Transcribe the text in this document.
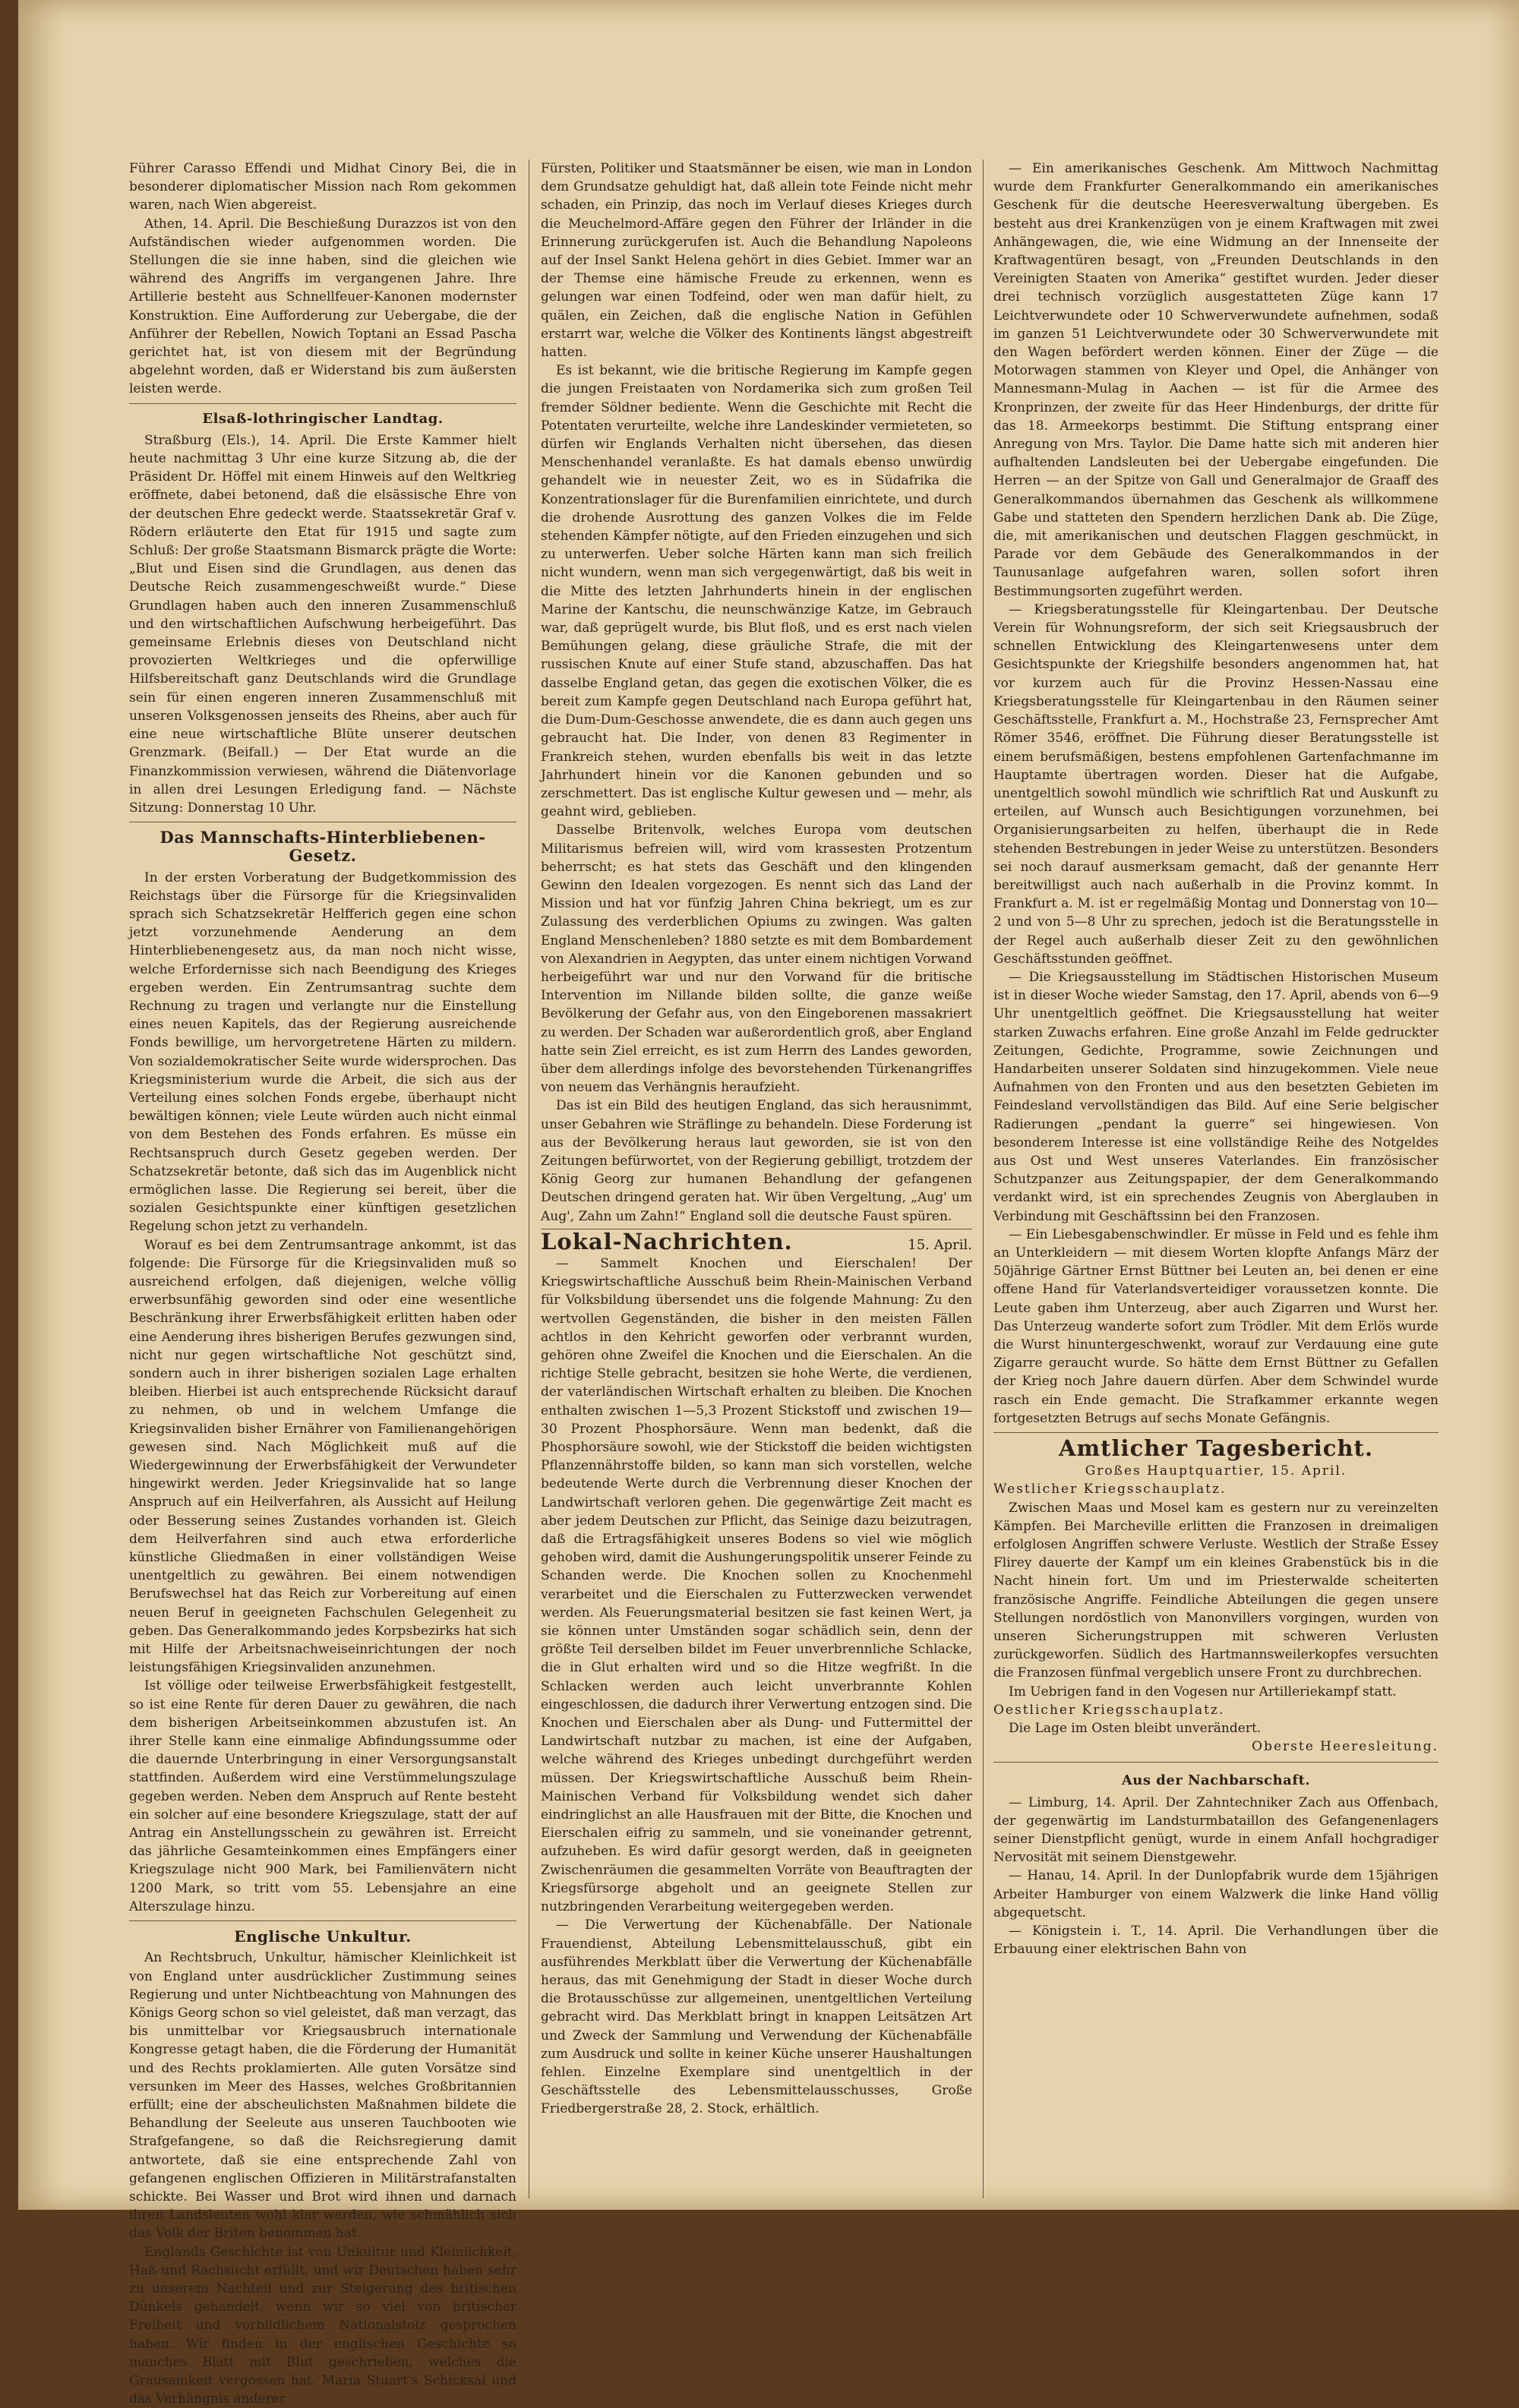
Führer Carasso Effendi und Midhat Cinory Bei, die in besonderer diplomatischer Mission nach Rom gekommen waren, nach Wien abgereist.

Athen, 14. April. Die Beschießung Durazzos ist von den Aufständischen wieder aufgenommen worden. Die Stellungen die sie inne haben, sind die gleichen wie während des Angriffs im vergangenen Jahre. Ihre Artillerie besteht aus Schnellfeuer-Kanonen modernster Konstruktion. Eine Aufforderung zur Uebergabe, die der Anführer der Rebellen, Nowich Toptani an Essad Pascha gerichtet hat, ist von diesem mit der Begründung abgelehnt worden, daß er Widerstand bis zum äußersten leisten werde.

Elsaß-lothringischer Landtag.

Straßburg (Els.), 14. April. Die Erste Kammer hielt heute nachmittag 3 Uhr eine kurze Sitzung ab, die der Präsident Dr. Höffel mit einem Hinweis auf den Weltkrieg eröffnete, dabei betonend, daß die elsässische Ehre von der deutschen Ehre gedeckt werde. Staatssekretär Graf v. Rödern erläuterte den Etat für 1915 und sagte zum Schluß: Der große Staatsmann Bismarck prägte die Worte: „Blut und Eisen sind die Grundlagen, aus denen das Deutsche Reich zusammengeschweißt wurde.“ Diese Grundlagen haben auch den inneren Zusammenschluß und den wirtschaftlichen Aufschwung herbeigeführt. Das gemeinsame Erlebnis dieses von Deutschland nicht provozierten Weltkrieges und die opferwillige Hilfsbereitschaft ganz Deutschlands wird die Grundlage sein für einen engeren inneren Zusammenschluß mit unseren Volksgenossen jenseits des Rheins, aber auch für eine neue wirtschaftliche Blüte unserer deutschen Grenzmark. (Beifall.) — Der Etat wurde an die Finanzkommission verwiesen, während die Diätenvorlage in allen drei Lesungen Erledigung fand. — Nächste Sitzung: Donnerstag 10 Uhr.

Das Mannschafts-Hinterbliebenen-Gesetz.

In der ersten Vorberatung der Budgetkommission des Reichstags über die Fürsorge für die Kriegsinvaliden sprach sich Schatzsekretär Helfferich gegen eine schon jetzt vorzunehmende Aenderung an dem Hinterbliebenengesetz aus, da man noch nicht wisse, welche Erfordernisse sich nach Beendigung des Krieges ergeben werden. Ein Zentrumsantrag suchte dem Rechnung zu tragen und verlangte nur die Einstellung eines neuen Kapitels, das der Regierung ausreichende Fonds bewillige, um hervorgetretene Härten zu mildern. Von sozialdemokratischer Seite wurde widersprochen. Das Kriegsministerium wurde die Arbeit, die sich aus der Verteilung eines solchen Fonds ergebe, überhaupt nicht bewältigen können; viele Leute würden auch nicht einmal von dem Bestehen des Fonds erfahren. Es müsse ein Rechtsanspruch durch Gesetz gegeben werden. Der Schatzsekretär betonte, daß sich das im Augenblick nicht ermöglichen lasse. Die Regierung sei bereit, über die sozialen Gesichtspunkte einer künftigen gesetzlichen Regelung schon jetzt zu verhandeln.

Worauf es bei dem Zentrumsantrage ankommt, ist das folgende: Die Fürsorge für die Kriegsinvaliden muß so ausreichend erfolgen, daß diejenigen, welche völlig erwerbsunfähig geworden sind oder eine wesentliche Beschränkung ihrer Erwerbsfähigkeit erlitten haben oder eine Aenderung ihres bisherigen Berufes gezwungen sind, nicht nur gegen wirtschaftliche Not geschützt sind, sondern auch in ihrer bisherigen sozialen Lage erhalten bleiben. Hierbei ist auch entsprechende Rücksicht darauf zu nehmen, ob und in welchem Umfange die Kriegsinvaliden bisher Ernährer von Familienangehörigen gewesen sind. Nach Möglichkeit muß auf die Wiedergewinnung der Erwerbsfähigkeit der Verwundeter hingewirkt werden. Jeder Kriegsinvalide hat so lange Anspruch auf ein Heilverfahren, als Aussicht auf Heilung oder Besserung seines Zustandes vorhanden ist. Gleich dem Heilverfahren sind auch etwa erforderliche künstliche Gliedmaßen in einer vollständigen Weise unentgeltlich zu gewähren. Bei einem notwendigen Berufswechsel hat das Reich zur Vorbereitung auf einen neuen Beruf in geeigneten Fachschulen Gelegenheit zu geben. Das Generalkommando jedes Korpsbezirks hat sich mit Hilfe der Arbeitsnachweiseinrichtungen der noch leistungsfähigen Kriegsinvaliden anzunehmen.

Ist völlige oder teilweise Erwerbsfähigkeit festgestellt, so ist eine Rente für deren Dauer zu gewähren, die nach dem bisherigen Arbeitseinkommen abzustufen ist. An ihrer Stelle kann eine einmalige Abfindungssumme oder die dauernde Unterbringung in einer Versorgungsanstalt stattfinden. Außerdem wird eine Verstümmelungszulage gegeben werden. Neben dem Anspruch auf Rente besteht ein solcher auf eine besondere Kriegszulage, statt der auf Antrag ein Anstellungsschein zu gewähren ist. Erreicht das jährliche Gesamteinkommen eines Empfängers einer Kriegszulage nicht 900 Mark, bei Familienvätern nicht 1200 Mark, so tritt vom 55. Lebensjahre an eine Alterszulage hinzu.

Englische Unkultur.

An Rechtsbruch, Unkultur, hämischer Kleinlichkeit ist von England unter ausdrücklicher Zustimmung seines Regierung und unter Nichtbeachtung von Mahnungen des Königs Georg schon so viel geleistet, daß man verzagt, das bis unmittelbar vor Kriegsausbruch internationale Kongresse getagt haben, die die Förderung der Humanität und des Rechts proklamierten. Alle guten Vorsätze sind versunken im Meer des Hasses, welches Großbritannien erfüllt; eine der abscheulichsten Maßnahmen bildete die Behandlung der Seeleute aus unseren Tauchbooten wie Strafgefangene, so daß die Reichsregierung damit antwortete, daß sie eine entsprechende Zahl von gefangenen englischen Offizieren in Militärstrafanstalten schickte. Bei Wasser und Brot wird ihnen und darnach ihren Landsleuten wohl klar werden, wie schmählich sich das Volk der Briten benommen hat.

Englands Geschichte ist von Unkultur und Kleinlichkeit, Haß und Rachsucht erfüllt, und wir Deutschen haben sehr zu unserem Nachteil und zur Steigerung des britischen Dünkels gehandelt, wenn wir so viel von britischer Freiheit und vorbildlichem Nationalstolz gesprochen haben. Wir finden in der englischen Geschichte so manches Blatt mit Blut geschrieben, welches die Grausamkeit vergossen hat. Maria Stuart's Schicksal und das Verhängnis anderer

Fürsten, Politiker und Staatsmänner be eisen, wie man in London dem Grundsatze gehuldigt hat, daß allein tote Feinde nicht mehr schaden, ein Prinzip, das noch im Verlauf dieses Krieges durch die Meuchelmord-Affäre gegen den Führer der Irländer in die Erinnerung zurückgerufen ist. Auch die Behandlung Napoleons auf der Insel Sankt Helena gehört in dies Gebiet. Immer war an der Themse eine hämische Freude zu erkennen, wenn es gelungen war einen Todfeind, oder wen man dafür hielt, zu quälen, ein Zeichen, daß die englische Nation in Gefühlen erstarrt war, welche die Völker des Kontinents längst abgestreift hatten.

Es ist bekannt, wie die britische Regierung im Kampfe gegen die jungen Freistaaten von Nordamerika sich zum großen Teil fremder Söldner bediente. Wenn die Geschichte mit Recht die Potentaten verurteilte, welche ihre Landeskinder vermieteten, so dürfen wir Englands Verhalten nicht übersehen, das diesen Menschenhandel veranlaßte. Es hat damals ebenso unwürdig gehandelt wie in neuester Zeit, wo es in Südafrika die Konzentrationslager für die Burenfamilien einrichtete, und durch die drohende Ausrottung des ganzen Volkes die im Felde stehenden Kämpfer nötigte, auf den Frieden einzugehen und sich zu unterwerfen. Ueber solche Härten kann man sich freilich nicht wundern, wenn man sich vergegenwärtigt, daß bis weit in die Mitte des letzten Jahrhunderts hinein in der englischen Marine der Kantschu, die neunschwänzige Katze, im Gebrauch war, daß geprügelt wurde, bis Blut floß, und es erst nach vielen Bemühungen gelang, diese gräuliche Strafe, die mit der russischen Knute auf einer Stufe stand, abzuschaffen. Das hat dasselbe England getan, das gegen die exotischen Völker, die es bereit zum Kampfe gegen Deutschland nach Europa geführt hat, die Dum-Dum-Geschosse anwendete, die es dann auch gegen uns gebraucht hat. Die Inder, von denen 83 Regimenter in Frankreich stehen, wurden ebenfalls bis weit in das letzte Jahrhundert hinein vor die Kanonen gebunden und so zerschmettert. Das ist englische Kultur gewesen und — mehr, als geahnt wird, geblieben.

Dasselbe Britenvolk, welches Europa vom deutschen Militarismus befreien will, wird vom krassesten Protzentum beherrscht; es hat stets das Geschäft und den klingenden Gewinn den Idealen vorgezogen. Es nennt sich das Land der Mission und hat vor fünfzig Jahren China bekriegt, um es zur Zulassung des verderblichen Opiums zu zwingen. Was galten England Menschenleben? 1880 setzte es mit dem Bombardement von Alexandrien in Aegypten, das unter einem nichtigen Vorwand herbeigeführt war und nur den Vorwand für die britische Intervention im Nillande bilden sollte, die ganze weiße Bevölkerung der Gefahr aus, von den Eingeborenen massakriert zu werden. Der Schaden war außerordentlich groß, aber England hatte sein Ziel erreicht, es ist zum Herrn des Landes geworden, über dem allerdings infolge des bevorstehenden Türkenangriffes von neuem das Verhängnis heraufzieht.

Das ist ein Bild des heutigen England, das sich herausnimmt, unser Gebahren wie Sträflinge zu behandeln. Diese Forderung ist aus der Bevölkerung heraus laut geworden, sie ist von den Zeitungen befürwortet, von der Regierung gebilligt, trotzdem der König Georg zur humanen Behandlung der gefangenen Deutschen dringend geraten hat. Wir üben Vergeltung, „Aug' um Aug', Zahn um Zahn!“ England soll die deutsche Faust spüren.

Lokal-Nachrichten.	15. April.

— Sammelt Knochen und Eierschalen! Der Kriegswirtschaftliche Ausschuß beim Rhein-Mainischen Verband für Volksbildung übersendet uns die folgende Mahnung: Zu den wertvollen Gegenständen, die bisher in den meisten Fällen achtlos in den Kehricht geworfen oder verbrannt wurden, gehören ohne Zweifel die Knochen und die Eierschalen. An die richtige Stelle gebracht, besitzen sie hohe Werte, die verdienen, der vaterländischen Wirtschaft erhalten zu bleiben. Die Knochen enthalten zwischen 1—5,3 Prozent Stickstoff und zwischen 19—30 Prozent Phosphorsäure. Wenn man bedenkt, daß die Phosphorsäure sowohl, wie der Stickstoff die beiden wichtigsten Pflanzennährstoffe bilden, so kann man sich vorstellen, welche bedeutende Werte durch die Verbrennung dieser Knochen der Landwirtschaft verloren gehen. Die gegenwärtige Zeit macht es aber jedem Deutschen zur Pflicht, das Seinige dazu beizutragen, daß die Ertragsfähigkeit unseres Bodens so viel wie möglich gehoben wird, damit die Aushungerungspolitik unserer Feinde zu Schanden werde. Die Knochen sollen zu Knochenmehl verarbeitet und die Eierschalen zu Futterzwecken verwendet werden. Als Feuerungsmaterial besitzen sie fast keinen Wert, ja sie können unter Umständen sogar schädlich sein, denn der größte Teil derselben bildet im Feuer unverbrennliche Schlacke, die in Glut erhalten wird und so die Hitze wegfrißt. In die Schlacken werden auch leicht unverbrannte Kohlen eingeschlossen, die dadurch ihrer Verwertung entzogen sind. Die Knochen und Eierschalen aber als Dung- und Futtermittel der Landwirtschaft nutzbar zu machen, ist eine der Aufgaben, welche während des Krieges unbedingt durchgeführt werden müssen. Der Kriegswirtschaftliche Ausschuß beim Rhein-Mainischen Verband für Volksbildung wendet sich daher eindringlichst an alle Hausfrauen mit der Bitte, die Knochen und Eierschalen eifrig zu sammeln, und sie voneinander getrennt, aufzuheben. Es wird dafür gesorgt werden, daß in geeigneten Zwischenräumen die gesammelten Vorräte von Beauftragten der Kriegsfürsorge abgeholt und an geeignete Stellen zur nutzbringenden Verarbeitung weitergegeben werden.

— Die Verwertung der Küchenabfälle. Der Nationale Frauendienst, Abteilung Lebensmittelausschuß, gibt ein ausführendes Merkblatt über die Verwertung der Küchenabfälle heraus, das mit Genehmigung der Stadt in dieser Woche durch die Brotausschüsse zur allgemeinen, unentgeltlichen Verteilung gebracht wird. Das Merkblatt bringt in knappen Leitsätzen Art und Zweck der Sammlung und Verwendung der Küchenabfälle zum Ausdruck und sollte in keiner Küche unserer Haushaltungen fehlen. Einzelne Exemplare sind unentgeltlich in der Geschäftsstelle des Lebensmittelausschusses, Große Friedbergerstraße 28, 2. Stock, erhältlich.

— Ein amerikanisches Geschenk. Am Mittwoch Nachmittag wurde dem Frankfurter Generalkommando ein amerikanisches Geschenk für die deutsche Heeresverwaltung übergeben. Es besteht aus drei Krankenzügen von je einem Kraftwagen mit zwei Anhängewagen, die, wie eine Widmung an der Innenseite der Kraftwagentüren besagt, von „Freunden Deutschlands in den Vereinigten Staaten von Amerika“ gestiftet wurden. Jeder dieser drei technisch vorzüglich ausgestatteten Züge kann 17 Leichtverwundete oder 10 Schwerverwundete aufnehmen, sodaß im ganzen 51 Leichtverwundete oder 30 Schwerverwundete mit den Wagen befördert werden können. Einer der Züge — die Motorwagen stammen von Kleyer und Opel, die Anhänger von Mannesmann-Mulag in Aachen — ist für die Armee des Kronprinzen, der zweite für das Heer Hindenburgs, der dritte für das 18. Armeekorps bestimmt. Die Stiftung entsprang einer Anregung von Mrs. Taylor. Die Dame hatte sich mit anderen hier aufhaltenden Landsleuten bei der Uebergabe eingefunden. Die Herren — an der Spitze von Gall und Generalmajor de Graaff des Generalkommandos übernahmen das Geschenk als willkommene Gabe und statteten den Spendern herzlichen Dank ab. Die Züge, die, mit amerikanischen und deutschen Flaggen geschmückt, in Parade vor dem Gebäude des Generalkommandos in der Taunusanlage aufgefahren waren, sollen sofort ihren Bestimmungsorten zugeführt werden.

— Kriegsberatungsstelle für Kleingartenbau. Der Deutsche Verein für Wohnungsreform, der sich seit Kriegsausbruch der schnellen Entwicklung des Kleingartenwesens unter dem Gesichtspunkte der Kriegshilfe besonders angenommen hat, hat vor kurzem auch für die Provinz Hessen-Nassau eine Kriegsberatungsstelle für Kleingartenbau in den Räumen seiner Geschäftsstelle, Frankfurt a. M., Hochstraße 23, Fernsprecher Amt Römer 3546, eröffnet. Die Führung dieser Beratungsstelle ist einem berufsmäßigen, bestens empfohlenen Gartenfachmanne im Hauptamte übertragen worden. Dieser hat die Aufgabe, unentgeltlich sowohl mündlich wie schriftlich Rat und Auskunft zu erteilen, auf Wunsch auch Besichtigungen vorzunehmen, bei Organisierungsarbeiten zu helfen, überhaupt die in Rede stehenden Bestrebungen in jeder Weise zu unterstützen. Besonders sei noch darauf ausmerksam gemacht, daß der genannte Herr bereitwilligst auch nach außerhalb in die Provinz kommt. In Frankfurt a. M. ist er regelmäßig Montag und Donnerstag von 10—2 und von 5—8 Uhr zu sprechen, jedoch ist die Beratungsstelle in der Regel auch außerhalb dieser Zeit zu den gewöhnlichen Geschäftsstunden geöffnet.

— Die Kriegsausstellung im Städtischen Historischen Museum ist in dieser Woche wieder Samstag, den 17. April, abends von 6—9 Uhr unentgeltlich geöffnet. Die Kriegsausstellung hat weiter starken Zuwachs erfahren. Eine große Anzahl im Felde gedruckter Zeitungen, Gedichte, Programme, sowie Zeichnungen und Handarbeiten unserer Soldaten sind hinzugekommen. Viele neue Aufnahmen von den Fronten und aus den besetzten Gebieten im Feindesland vervollständigen das Bild. Auf eine Serie belgischer Radierungen „pendant la guerre“ sei hingewiesen. Von besonderem Interesse ist eine vollständige Reihe des Notgeldes aus Ost und West unseres Vaterlandes. Ein französischer Schutzpanzer aus Zeitungspapier, der dem Generalkommando verdankt wird, ist ein sprechendes Zeugnis von Aberglauben in Verbindung mit Geschäftssinn bei den Franzosen.

— Ein Liebesgabenschwindler. Er müsse in Feld und es fehle ihm an Unterkleidern — mit diesem Worten klopfte Anfangs März der 50jährige Gärtner Ernst Büttner bei Leuten an, bei denen er eine offene Hand für Vaterlandsverteidiger voraussetzen konnte. Die Leute gaben ihm Unterzeug, aber auch Zigarren und Wurst her. Das Unterzeug wanderte sofort zum Trödler. Mit dem Erlös wurde die Wurst hinuntergeschwenkt, worauf zur Verdauung eine gute Zigarre geraucht wurde. So hätte dem Ernst Büttner zu Gefallen der Krieg noch Jahre dauern dürfen. Aber dem Schwindel wurde rasch ein Ende gemacht. Die Strafkammer erkannte wegen fortgesetzten Betrugs auf sechs Monate Gefängnis.

Amtlicher Tagesbericht.

Großes Hauptquartier, 15. April.

Westlicher Kriegsschauplatz.

Zwischen Maas und Mosel kam es gestern nur zu vereinzelten Kämpfen. Bei Marcheville erlitten die Franzosen in dreimaligen erfolglosen Angriffen schwere Verluste. Westlich der Straße Essey Flirey dauerte der Kampf um ein kleines Grabenstück bis in die Nacht hinein fort. Um und im Priesterwalde scheiterten französische Angriffe. Feindliche Abteilungen die gegen unsere Stellungen nordöstlich von Manonvillers vorgingen, wurden von unseren Sicherungstruppen mit schweren Verlusten zurückgeworfen. Südlich des Hartmannsweilerkopfes versuchten die Franzosen fünfmal vergeblich unsere Front zu durchbrechen.

Im Uebrigen fand in den Vogesen nur Artilleriekampf statt.

Oestlicher Kriegsschauplatz.

Die Lage im Osten bleibt unverändert.

Oberste Heeresleitung.

Aus der Nachbarschaft.

— Limburg, 14. April. Der Zahntechniker Zach aus Offenbach, der gegenwärtig im Landsturmbataillon des Gefangenenlagers seiner Dienstpflicht genügt, wurde in einem Anfall hochgradiger Nervosität mit seinem Dienstgewehr.

— Hanau, 14. April. In der Dunlopfabrik wurde dem 15jährigen Arbeiter Hamburger von einem Walzwerk die linke Hand völlig abgequetscht.

— Königstein i. T., 14. April. Die Verhandlungen über die Erbauung einer elektrischen Bahn von
